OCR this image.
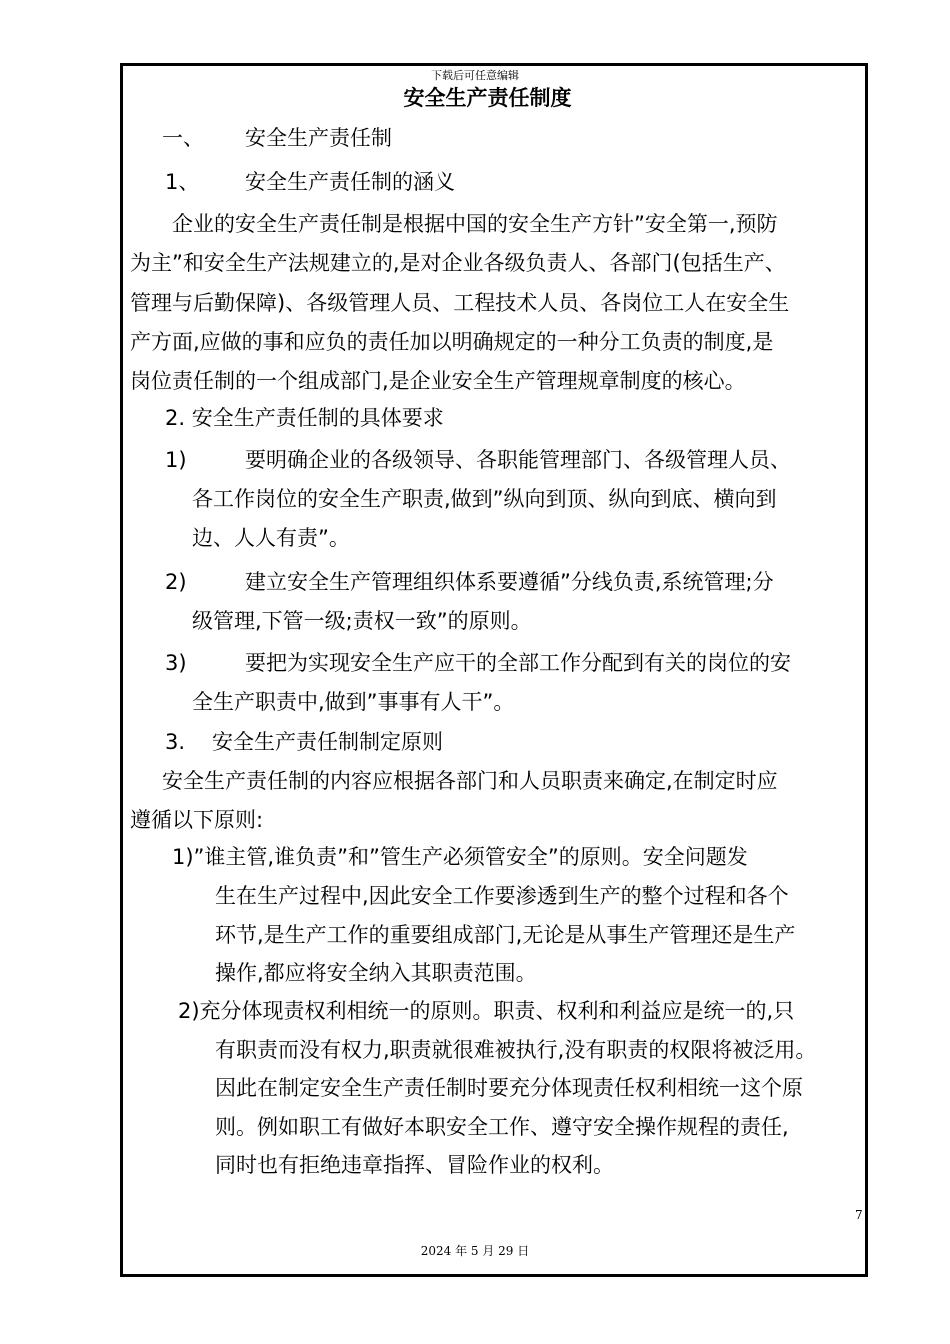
下载后可任意编辑
安全生产责任制度
一、 安全生产责任制
1、 安全生产责任制的涵义
企业的安全生产责任制是根据中国的安全生产方针”安全第一,预防
为主”和安全生产法规建立的,是对企业各级负责人、各部门(包括生产、
管理与后勤保障)、各级管理人员、工程技术人员、各岗位工人在安全生
产方面,应做的事和应负的责任加以明确规定的一种分工负责的制度,是
岗位责任制的一个组成部门,是企业安全生产管理规章制度的核心。
2. 安全生产责任制的具体要求
1)	要明确企业的各级领导、各职能管理部门、各级管理人员、
各工作岗位的安全生产职责,做到”纵向到顶、纵向到底、横向到
边、人人有责”。
2)	建立安全生产管理组织体系要遵循”分线负责,系统管理;分
级管理,下管一级;责权一致”的原则。
3)	要把为实现安全生产应干的全部工作分配到有关的岗位的安
全生产职责中,做到”事事有人干”。
3. 安全生产责任制制定原则
安全生产责任制的内容应根据各部门和人员职责来确定,在制定时应
遵循以下原则:
1)”谁主管,谁负责”和”管生产必须管安全”的原则。安全问题发
生在生产过程中,因此安全工作要渗透到生产的整个过程和各个
环节,是生产工作的重要组成部门,无论是从事生产管理还是生产
操作,都应将安全纳入其职责范围。
2)充分体现责权利相统一的原则。职责、权利和利益应是统一的,只
有职责而没有权力,职责就很难被执行,没有职责的权限将被泛用。
因此在制定安全生产责任制时要充分体现责任权利相统一这个原
则。例如职工有做好本职安全工作、遵守安全操作规程的责任,
同时也有拒绝违章指挥、冒险作业的权利。
7
2024 年 5 月 29 日
